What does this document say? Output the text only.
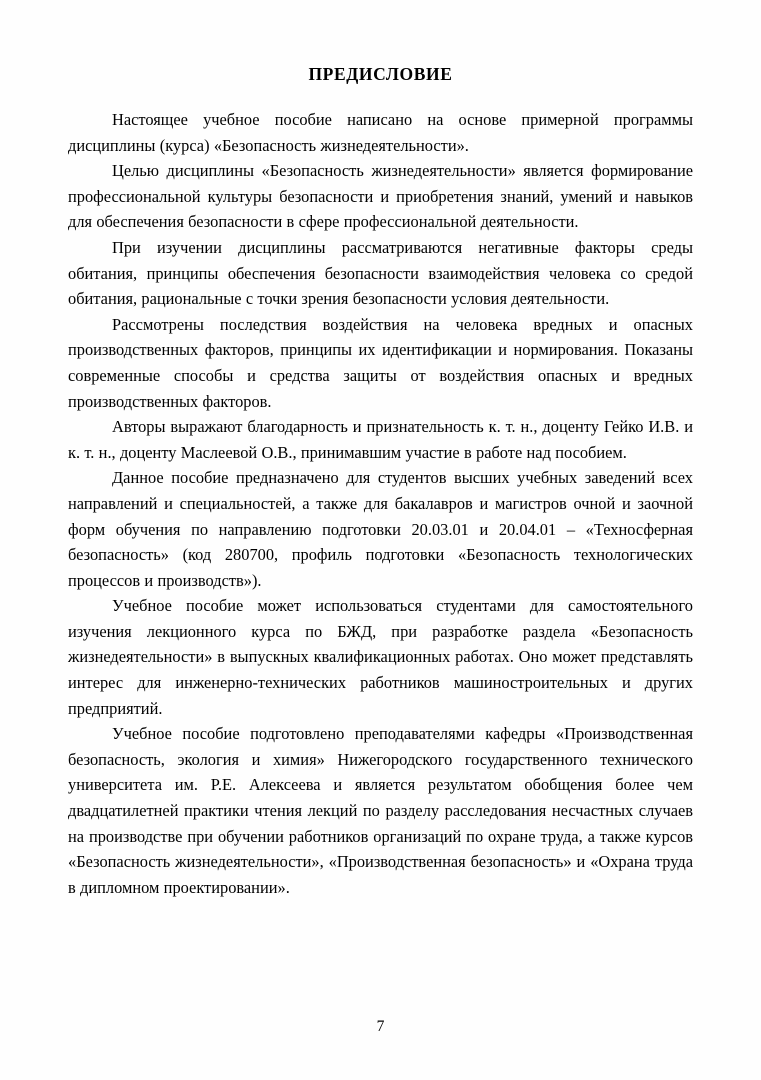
ПРЕДИСЛОВИЕ

Настоящее учебное пособие написано на основе примерной программы дисциплины (курса) «Безопасность жизнедеятельности».

Целью дисциплины «Безопасность жизнедеятельности» является формирование профессиональной культуры безопасности и приобретения знаний, умений и навыков для обеспечения безопасности в сфере профессиональной деятельности.

При изучении дисциплины рассматриваются негативные факторы среды обитания, принципы обеспечения безопасности взаимодействия человека со средой обитания, рациональные с точки зрения безопасности условия деятельности.

Рассмотрены последствия воздействия на человека вредных и опасных производственных факторов, принципы их идентификации и нормирования. Показаны современные способы и средства защиты от воздействия опасных и вредных производственных факторов.

Авторы выражают благодарность и признательность к. т. н., доценту Гейко И.В. и к. т. н., доценту Маслеевой О.В., принимавшим участие в работе над пособием.

Данное пособие предназначено для студентов высших учебных заведений всех направлений и специальностей, а также для бакалавров и магистров очной и заочной форм обучения по направлению подготовки 20.03.01 и 20.04.01 – «Техносферная безопасность» (код 280700, профиль подготовки «Безопасность технологических процессов и производств»).

Учебное пособие может использоваться студентами для самостоятельного изучения лекционного курса по БЖД, при разработке раздела «Безопасность жизнедеятельности» в выпускных квалификационных работах. Оно может представлять интерес для инженерно-технических работников машиностроительных и других предприятий.

Учебное пособие подготовлено преподавателями кафедры «Производственная безопасность, экология и химия» Нижегородского государственного технического университета им. Р.Е. Алексеева и является результатом обобщения более чем двадцатилетней практики чтения лекций по разделу расследования несчастных случаев на производстве при обучении работников организаций по охране труда, а также курсов «Безопасность жизнедеятельности», «Производственная безопасность» и «Охрана труда в дипломном проектировании».

7
